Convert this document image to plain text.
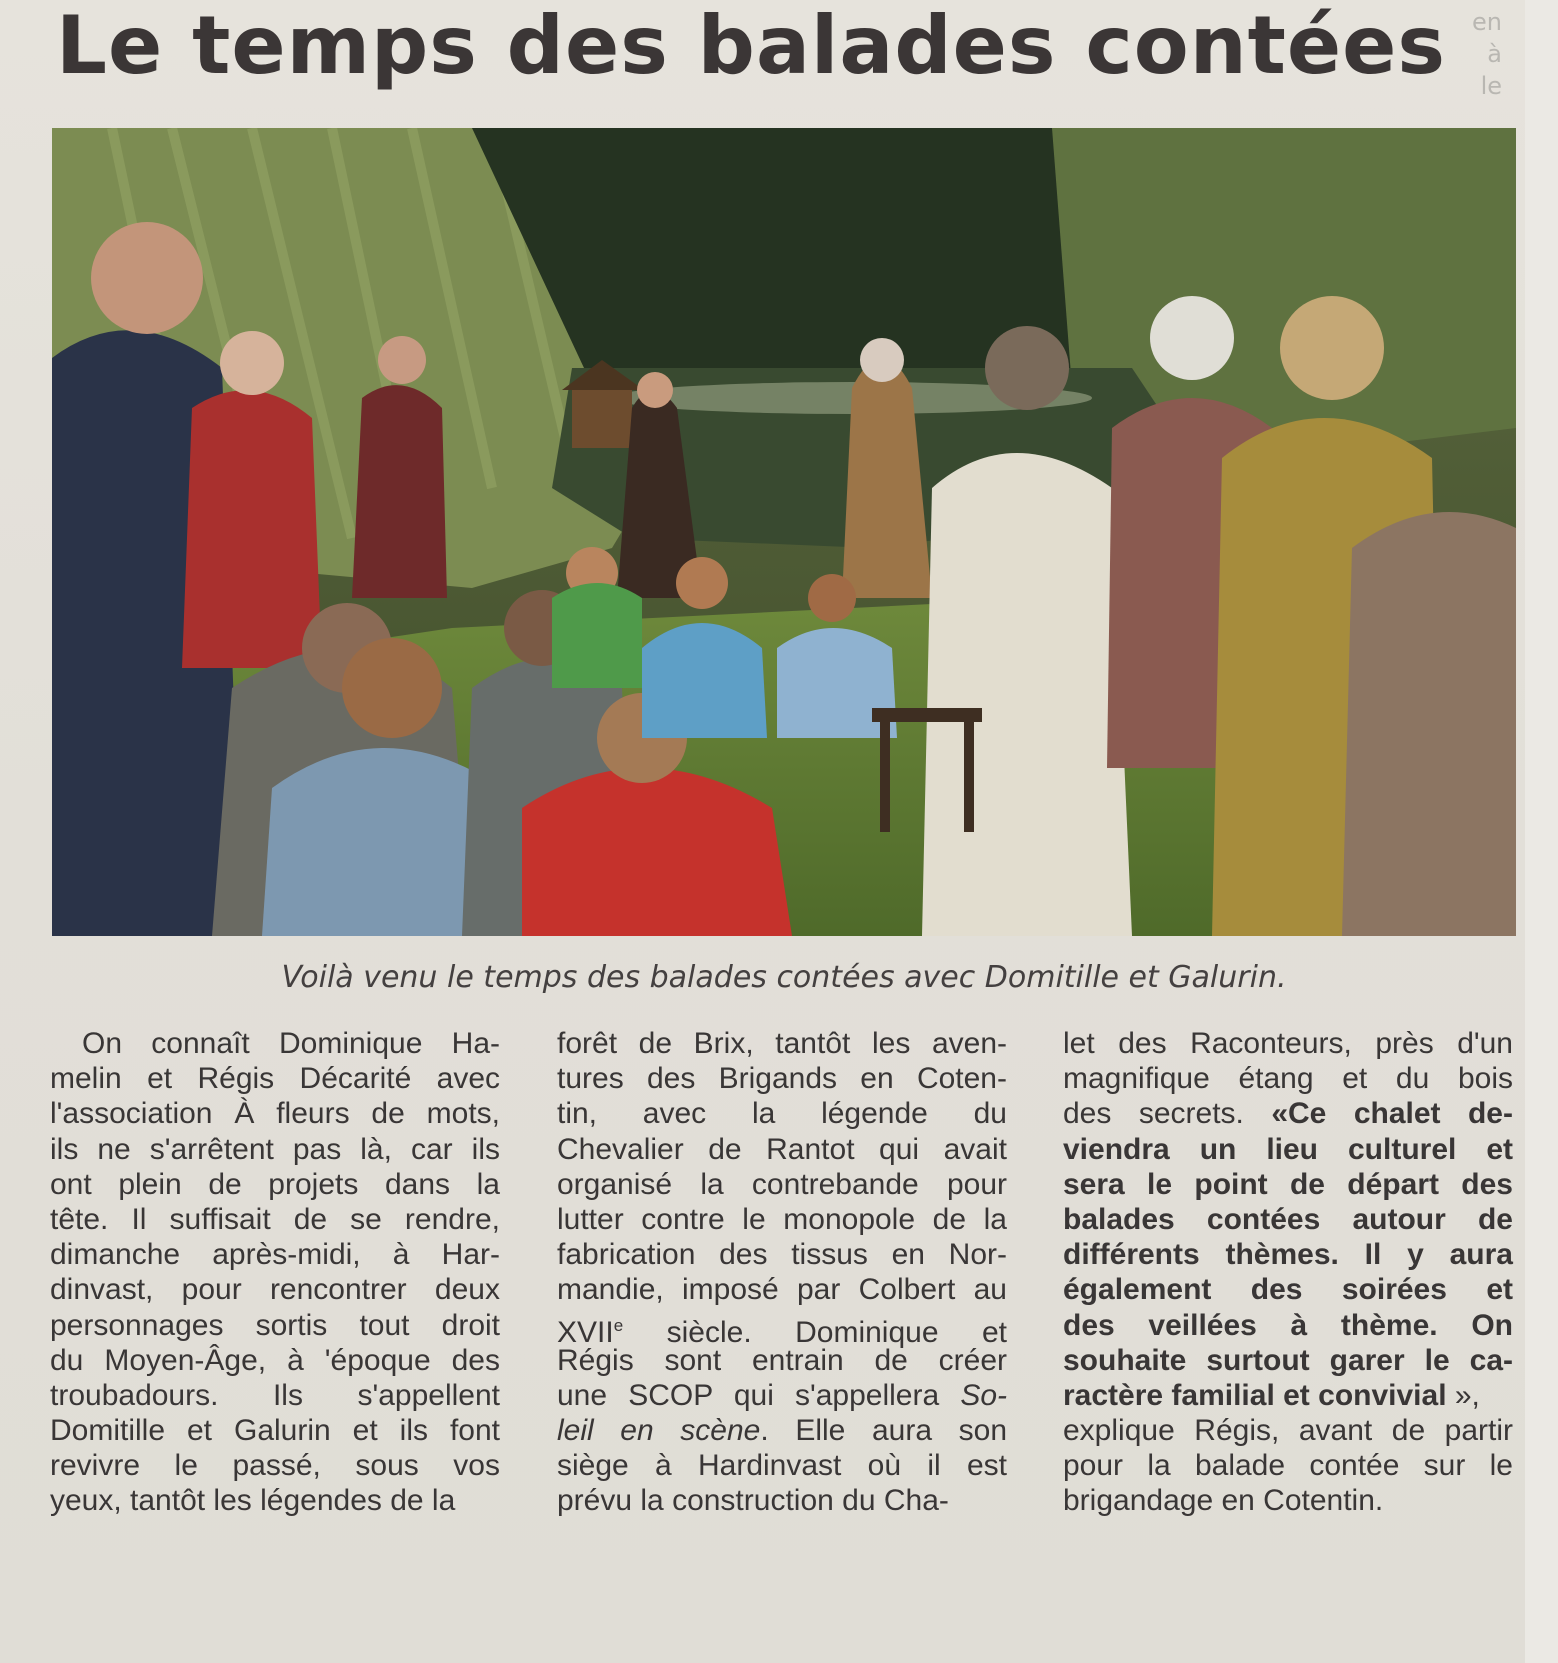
en
à
le
Le temps des balades contées
Voilà venu le temps des balades contées avec Domitille et Galurin.
On connaît Dominique Ha-
melin et Régis Décarité avec
l'association À fleurs de mots,
ils ne s'arrêtent pas là, car ils
ont plein de projets dans la
tête. Il suffisait de se rendre,
dimanche après-midi, à Har-
dinvast, pour rencontrer deux
personnages sortis tout droit
du Moyen-Âge, à 'époque des
troubadours. Ils s'appellent
Domitille et Galurin et ils font
revivre le passé, sous vos
yeux, tantôt les légendes de la
forêt de Brix, tantôt les aven-
tures des Brigands en Coten-
tin, avec la légende du
Chevalier de Rantot qui avait
organisé la contrebande pour
lutter contre le monopole de la
fabrication des tissus en Nor-
mandie, imposé par Colbert au
XVIIe siècle. Dominique et
Régis sont entrain de créer
une SCOP qui s'appellera So-
leil en scène. Elle aura son
siège à Hardinvast où il est
prévu la construction du Cha-
let des Raconteurs, près d'un
magnifique étang et du bois
des secrets. «Ce chalet de-
viendra un lieu culturel et
sera le point de départ des
balades contées autour de
différents thèmes. Il y aura
également des soirées et
des veillées à thème. On
souhaite surtout garer le ca-
ractère familial et convivial »,
explique Régis, avant de partir
pour la balade contée sur le
brigandage en Cotentin.
